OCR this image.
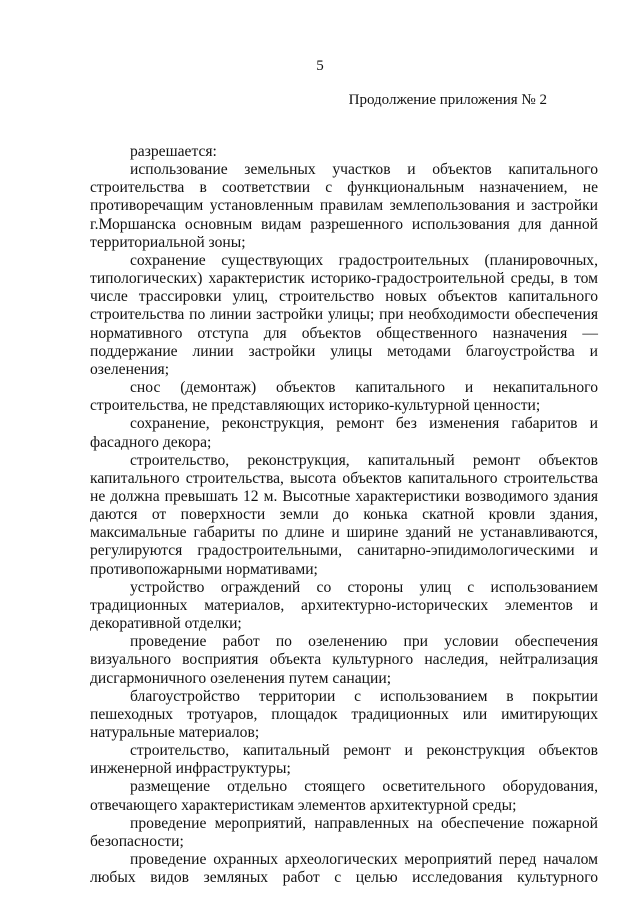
5
Продолжение приложения № 2

разрешается:

использование земельных участков и объектов капитального строительства в соответствии с функциональным назначением, не противоречащим установленным правилам землепользования и застройки г.Моршанска основным видам разрешенного использования для данной территориальной зоны;

сохранение существующих градостроительных (планировочных, типологических) характеристик историко-градостроительной среды, в том числе трассировки улиц, строительство новых объектов капитального строительства по линии застройки улицы; при необходимости обеспечения нормативного отступа для объектов общественного назначения — поддержание линии застройки улицы методами благоустройства и озеленения;

снос (демонтаж) объектов капитального и некапитального строительства, не представляющих историко-культурной ценности;

сохранение, реконструкция, ремонт без изменения габаритов и фасадного декора;

строительство, реконструкция, капитальный ремонт объектов капитального строительства, высота объектов капитального строительства не должна превышать 12 м. Высотные характеристики возводимого здания даются от поверхности земли до конька скатной кровли здания, максимальные габариты по длине и ширине зданий не устанавливаются, регулируются градостроительными, санитарно-эпидимологическими и противопожарными нормативами;

устройство ограждений со стороны улиц с использованием традиционных материалов, архитектурно-исторических элементов и декоративной отделки;

проведение работ по озеленению при условии обеспечения визуального восприятия объекта культурного наследия, нейтрализация дисгармоничного озеленения путем санации;

благоустройство территории с использованием в покрытии пешеходных тротуаров, площадок традиционных или имитирующих натуральные материалов;

строительство, капитальный ремонт и реконструкция объектов инженерной инфраструктуры;

размещение отдельно стоящего осветительного оборудования, отвечающего характеристикам элементов архитектурной среды;

проведение мероприятий, направленных на обеспечение пожарной безопасности;

проведение охранных археологических мероприятий перед началом любых видов земляных работ с целью исследования культурного
